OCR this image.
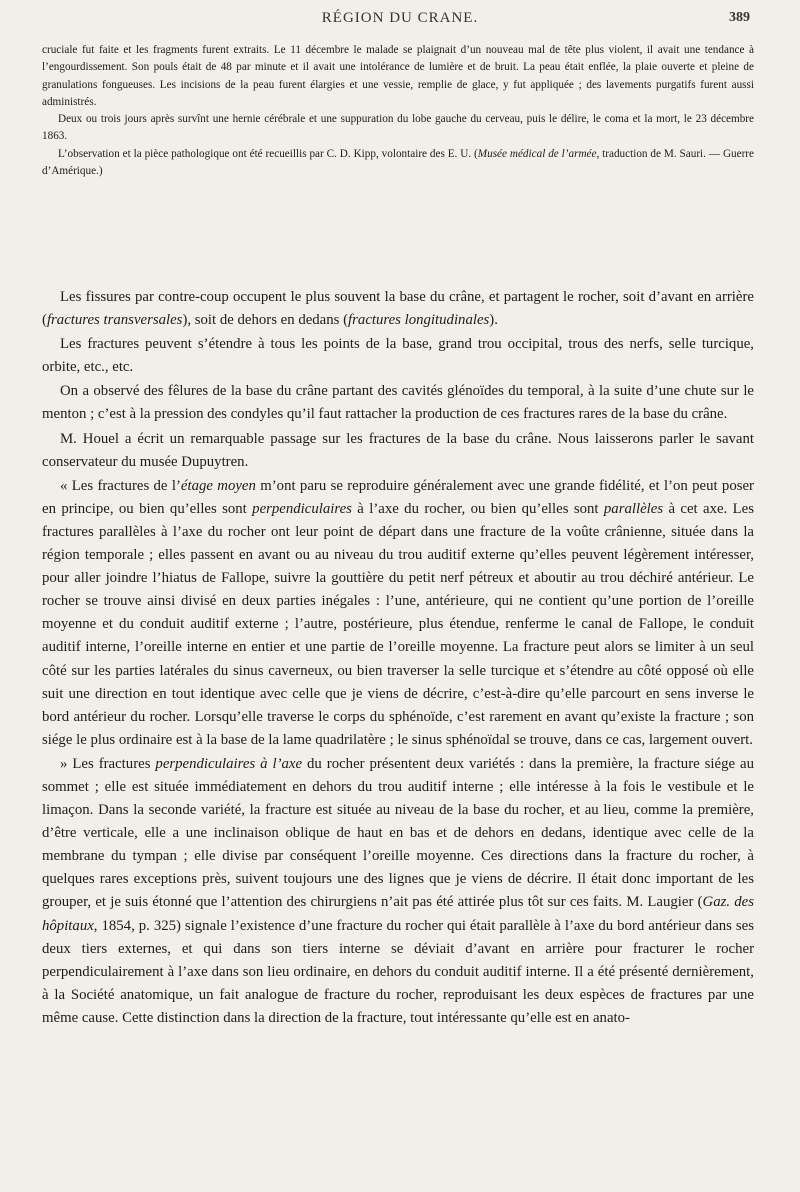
RÉGION DU CRANE.	389

cruciale fut faite et les fragments furent extraits. Le 11 décembre le malade se plaignait d’un nouveau mal de tête plus violent, il avait une tendance à l’engourdissement. Son pouls était de 48 par minute et il avait une intolérance de lumière et de bruit. La peau était enflée, la plaie ouverte et pleine de granulations fongueuses. Les incisions de la peau furent élargies et une vessie, remplie de glace, y fut appliquée ; des lavements purgatifs furent aussi administrés.

Deux ou trois jours après survînt une hernie cérébrale et une suppuration du lobe gauche du cerveau, puis le délire, le coma et la mort, le 23 décembre 1863.

L’observation et la pièce pathologique ont été recueillis par C. D. Kipp, volontaire des E. U. (Musée médical de l’armée, traduction de M. Sauri. — Guerre d’Amérique.)

Les fissures par contre-coup occupent le plus souvent la base du crâne, et partagent le rocher, soit d’avant en arrière (fractures transversales), soit de dehors en dedans (fractures longitudinales).

Les fractures peuvent s’étendre à tous les points de la base, grand trou occipital, trous des nerfs, selle turcique, orbite, etc., etc.

On a observé des fêlures de la base du crâne partant des cavités glénoïdes du temporal, à la suite d’une chute sur le menton ; c’est à la pression des condyles qu’il faut rattacher la production de ces fractures rares de la base du crâne.

M. Houel a écrit un remarquable passage sur les fractures de la base du crâne. Nous laisserons parler le savant conservateur du musée Dupuytren.

« Les fractures de l’étage moyen m’ont paru se reproduire généralement avec une grande fidélité, et l’on peut poser en principe, ou bien qu’elles sont perpendiculaires à l’axe du rocher, ou bien qu’elles sont parallèles à cet axe. Les fractures parallèles à l’axe du rocher ont leur point de départ dans une fracture de la voûte crânienne, située dans la région temporale ; elles passent en avant ou au niveau du trou auditif externe qu’elles peuvent légèrement intéresser, pour aller joindre l’hiatus de Fallope, suivre la gouttière du petit nerf pétreux et aboutir au trou déchiré antérieur. Le rocher se trouve ainsi divisé en deux parties inégales : l’une, antérieure, qui ne contient qu’une portion de l’oreille moyenne et du conduit auditif externe ; l’autre, postérieure, plus étendue, renferme le canal de Fallope, le conduit auditif interne, l’oreille interne en entier et une partie de l’oreille moyenne. La fracture peut alors se limiter à un seul côté sur les parties latérales du sinus caverneux, ou bien traverser la selle turcique et s’étendre au côté opposé où elle suit une direction en tout identique avec celle que je viens de décrire, c’est-à-dire qu’elle parcourt en sens inverse le bord antérieur du rocher. Lorsqu’elle traverse le corps du sphénoïde, c’est rarement en avant qu’existe la fracture ; son siége le plus ordinaire est à la base de la lame quadrilatère ; le sinus sphénoïdal se trouve, dans ce cas, largement ouvert.

» Les fractures perpendiculaires à l’axe du rocher présentent deux variétés : dans la première, la fracture siége au sommet ; elle est située immédiatement en dehors du trou auditif interne ; elle intéresse à la fois le vestibule et le limaçon. Dans la seconde variété, la fracture est située au niveau de la base du rocher, et au lieu, comme la première, d’être verticale, elle a une inclinaison oblique de haut en bas et de dehors en dedans, identique avec celle de la membrane du tympan ; elle divise par conséquent l’oreille moyenne. Ces directions dans la fracture du rocher, à quelques rares exceptions près, suivent toujours une des lignes que je viens de décrire. Il était donc important de les grouper, et je suis étonné que l’attention des chirurgiens n’ait pas été attirée plus tôt sur ces faits. M. Laugier (Gaz. des hôpitaux, 1854, p. 325) signale l’existence d’une fracture du rocher qui était parallèle à l’axe du bord antérieur dans ses deux tiers externes, et qui dans son tiers interne se déviait d’avant en arrière pour fracturer le rocher perpendiculairement à l’axe dans son lieu ordinaire, en dehors du conduit auditif interne. Il a été présenté dernièrement, à la Société anatomique, un fait analogue de fracture du rocher, reproduisant les deux espèces de fractures par une même cause. Cette distinction dans la direction de la fracture, tout intéressante qu’elle est en anato-
